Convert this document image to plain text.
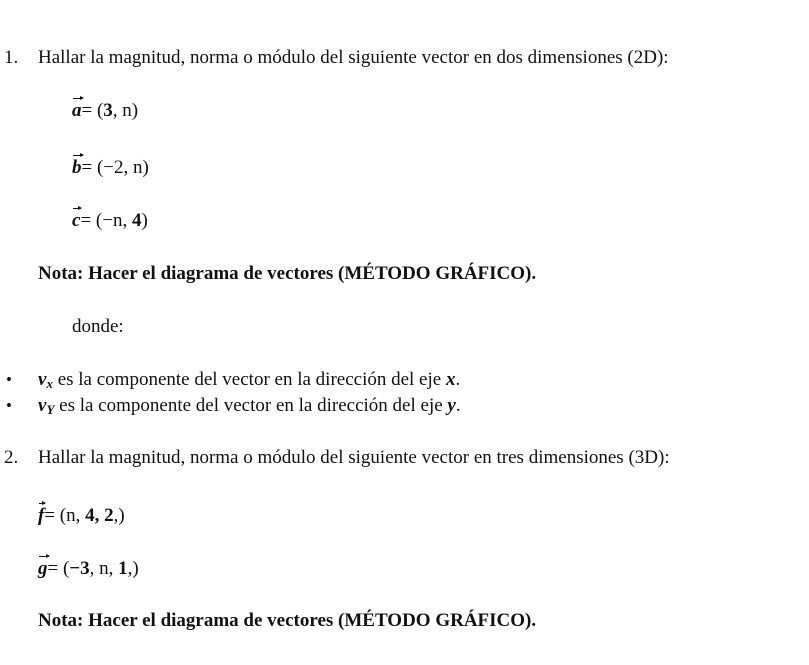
1. Hallar la magnitud, norma o módulo del siguiente vector en dos dimensiones (2D):
a= (3, n)
b= (−2, n)
c= (−n, 4)
Nota: Hacer el diagrama de vectores (MÉTODO GRÁFICO).
donde:
• $v_x$ es la componente del vector en la dirección del eje x.
• $v_Y$ es la componente del vector en la dirección del eje y.
2. Hallar la magnitud, norma o módulo del siguiente vector en tres dimensiones (3D):
f= (n, 4, 2,)
g= (−3, n, 1,)
Nota: Hacer el diagrama de vectores (MÉTODO GRÁFICO).
